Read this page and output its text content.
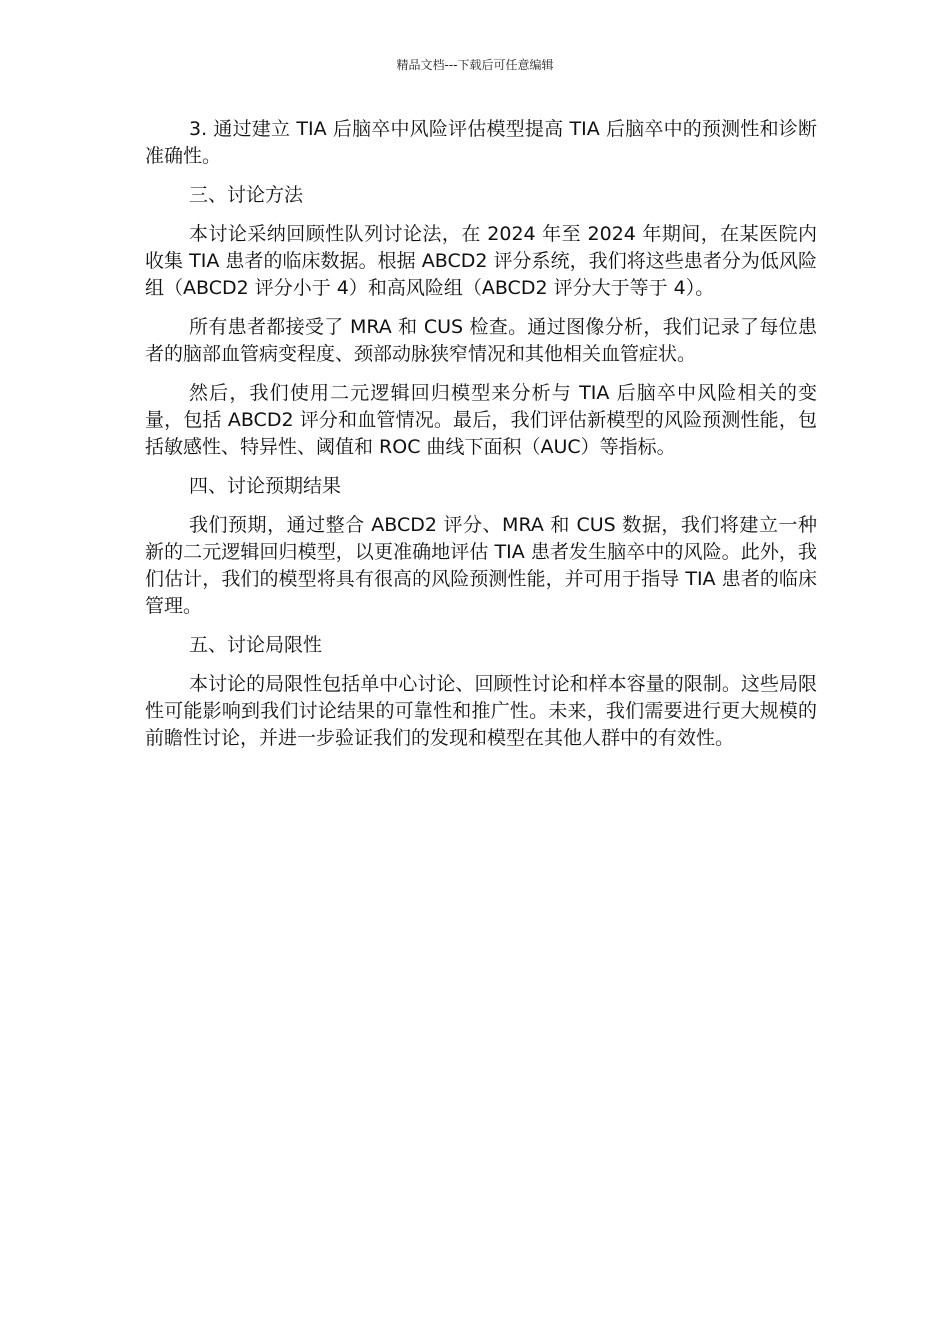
精品文档---下载后可任意编辑

3. 通过建立 TIA 后脑卒中风险评估模型提高 TIA 后脑卒中的预测性和诊断准确性。

三、讨论方法

本讨论采纳回顾性队列讨论法，在 2024 年至 2024 年期间，在某医院内收集 TIA 患者的临床数据。根据 ABCD2 评分系统，我们将这些患者分为低风险组（ABCD2 评分小于 4）和高风险组（ABCD2 评分大于等于 4）。

所有患者都接受了 MRA 和 CUS 检查。通过图像分析，我们记录了每位患者的脑部血管病变程度、颈部动脉狭窄情况和其他相关血管症状。

然后，我们使用二元逻辑回归模型来分析与 TIA 后脑卒中风险相关的变量，包括 ABCD2 评分和血管情况。最后，我们评估新模型的风险预测性能，包括敏感性、特异性、阈值和 ROC 曲线下面积（AUC）等指标。

四、讨论预期结果

我们预期，通过整合 ABCD2 评分、MRA 和 CUS 数据，我们将建立一种新的二元逻辑回归模型，以更准确地评估 TIA 患者发生脑卒中的风险。此外，我们估计，我们的模型将具有很高的风险预测性能，并可用于指导 TIA 患者的临床管理。

五、讨论局限性

本讨论的局限性包括单中心讨论、回顾性讨论和样本容量的限制。这些局限性可能影响到我们讨论结果的可靠性和推广性。未来，我们需要进行更大规模的前瞻性讨论，并进一步验证我们的发现和模型在其他人群中的有效性。
